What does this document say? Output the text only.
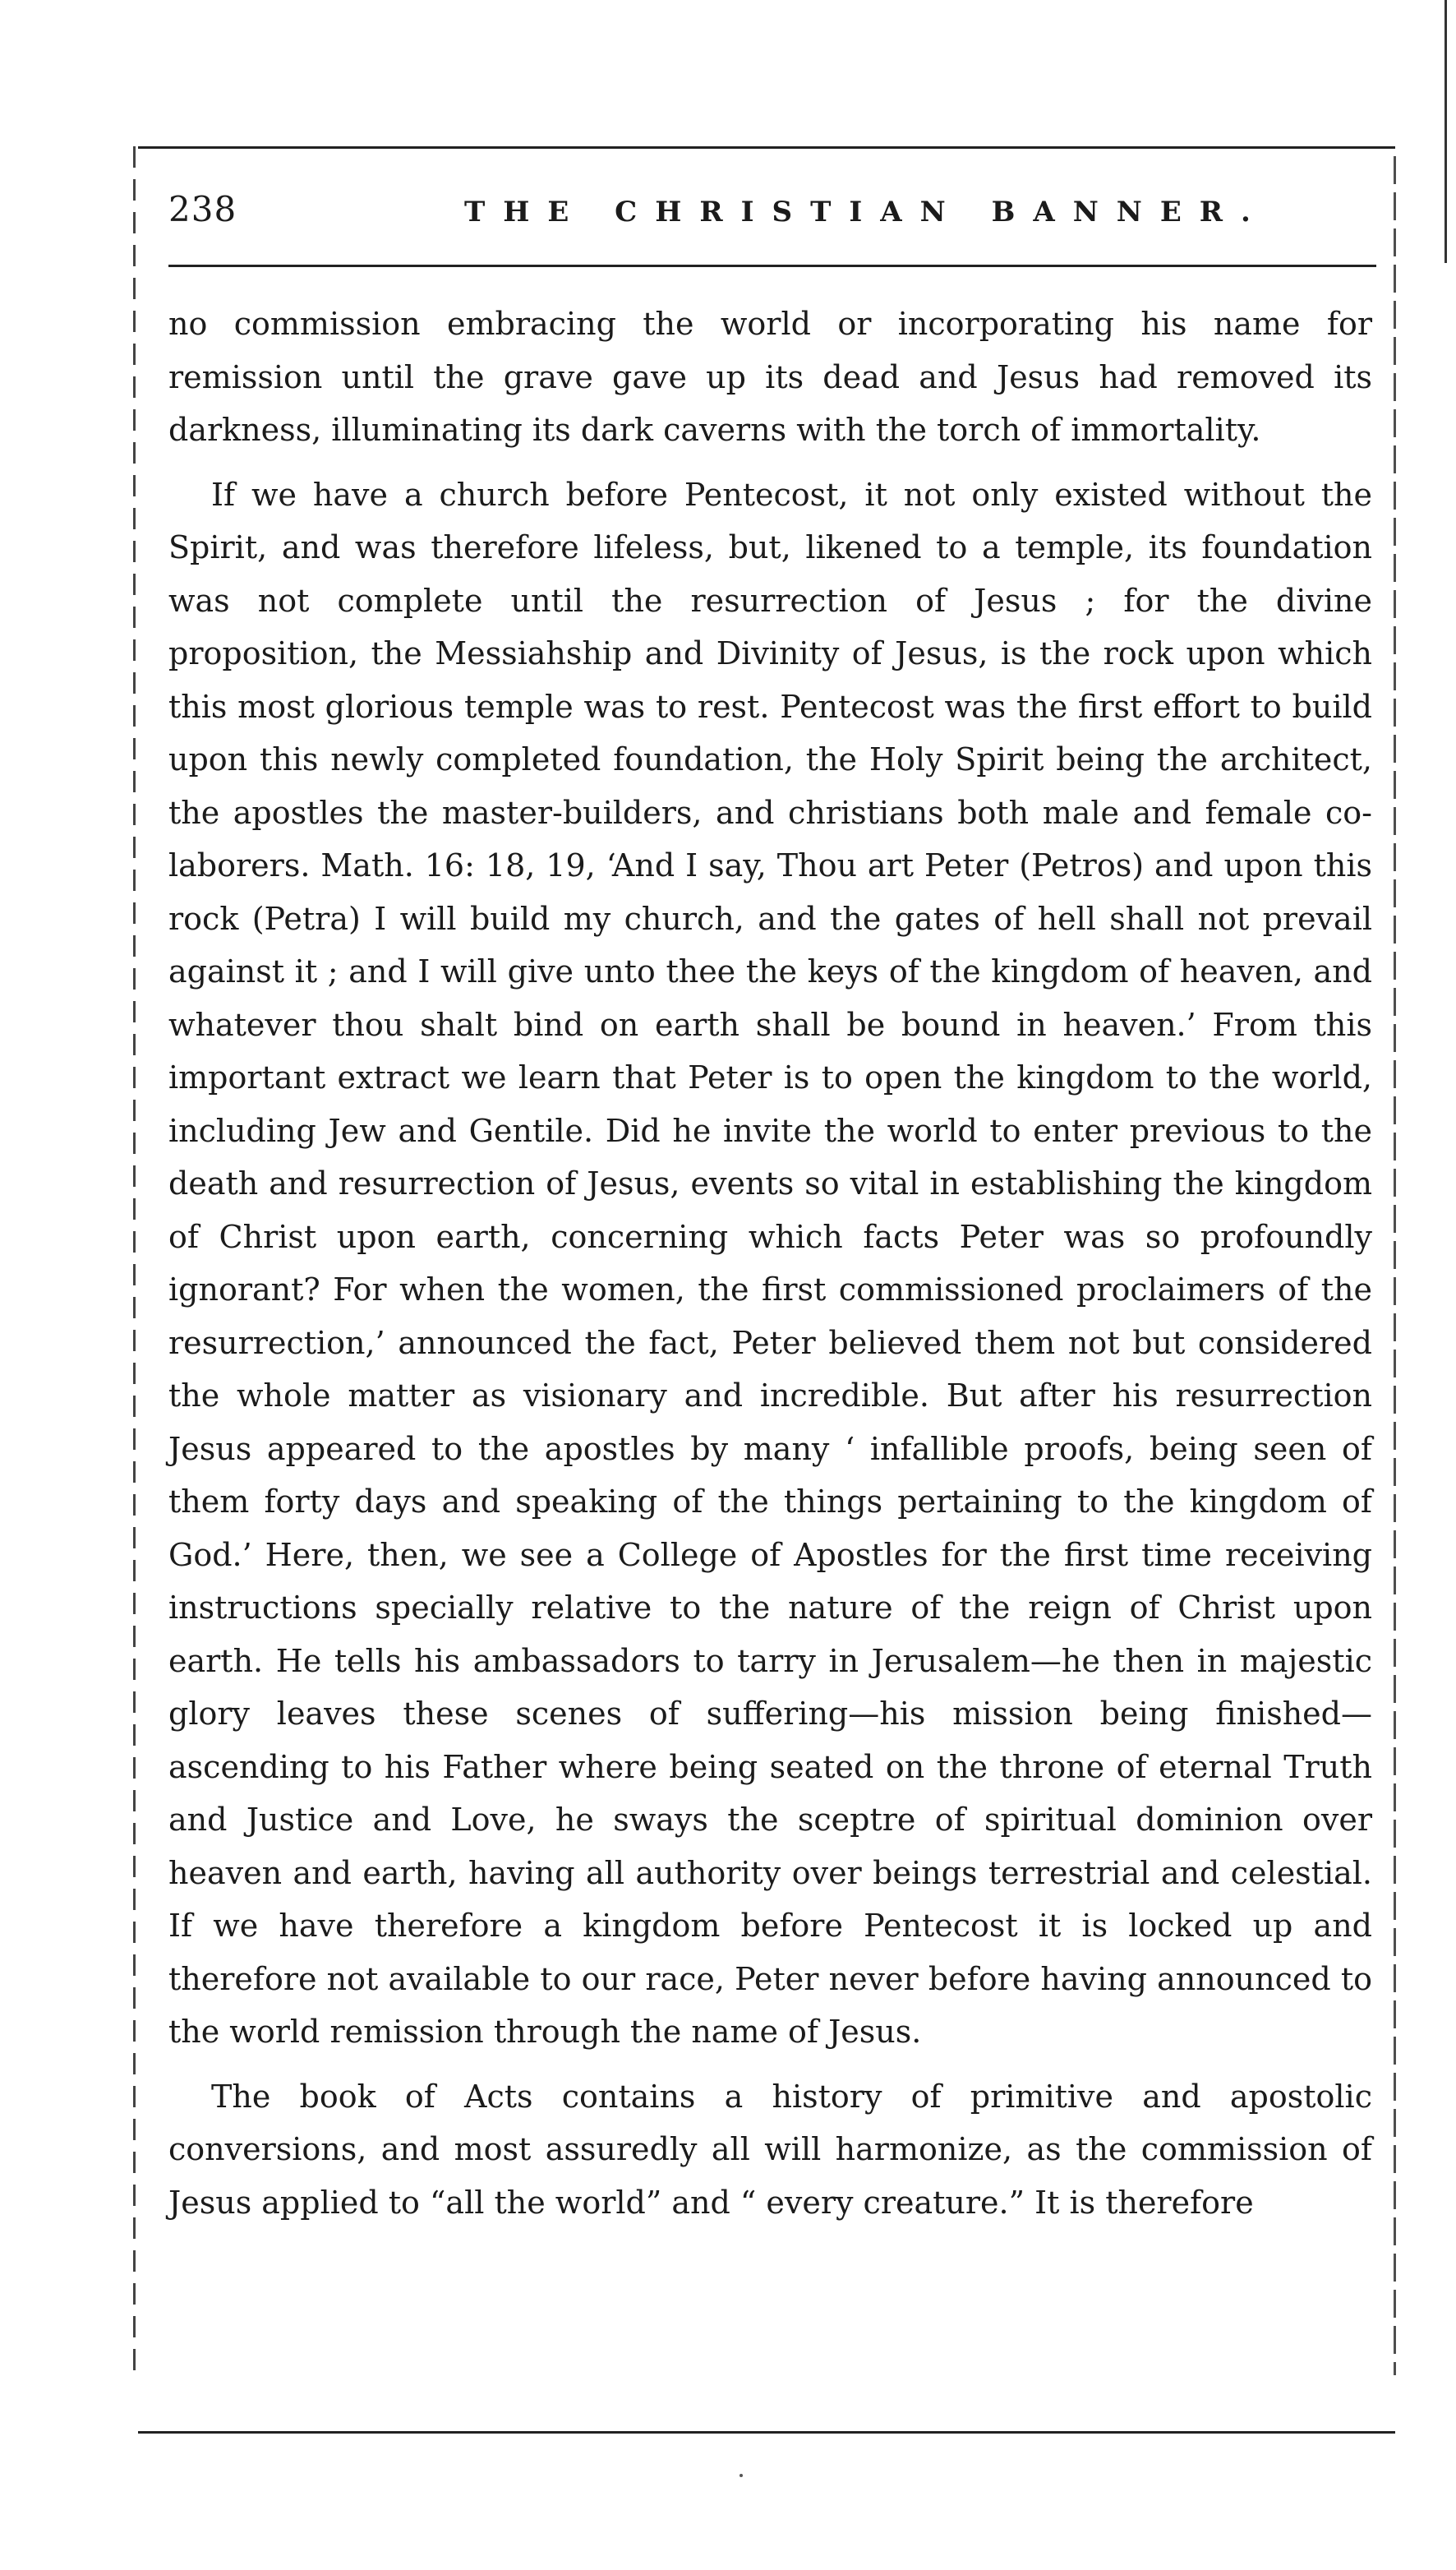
238	THE CHRISTIAN BANNER.

no commission embracing the world or incorporating his name for remission until the grave gave up its dead and Jesus had removed its darkness, illuminating its dark caverns with the torch of immortality.

If we have a church before Pentecost, it not only existed without the Spirit, and was therefore lifeless, but, likened to a temple, its foundation was not complete until the resurrection of Jesus ; for the divine proposition, the Messiahship and Divinity of Jesus, is the rock upon which this most glorious temple was to rest. Pentecost was the first effort to build upon this newly completed foundation, the Holy Spirit being the architect, the apostles the master-builders, and christians both male and female co-laborers. Math. 16: 18, 19, ‘And I say, Thou art Peter (Petros) and upon this rock (Petra) I will build my church, and the gates of hell shall not prevail against it ; and I will give unto thee the keys of the kingdom of heaven, and whatever thou shalt bind on earth shall be bound in heaven.’ From this important extract we learn that Peter is to open the kingdom to the world, including Jew and Gentile. Did he invite the world to enter previous to the death and resurrection of Jesus, events so vital in establishing the kingdom of Christ upon earth, concerning which facts Peter was so profoundly ignorant? For when the women, the first commissioned proclaimers of the resurrection,’ announced the fact, Peter believed them not but considered the whole matter as visionary and incredible. But after his resurrection Jesus appeared to the apostles by many ‘ infallible proofs, being seen of them forty days and speaking of the things pertaining to the kingdom of God.’ Here, then, we see a College of Apostles for the first time receiving instructions specially relative to the nature of the reign of Christ upon earth. He tells his ambassadors to tarry in Jerusalem—he then in majestic glory leaves these scenes of suffering—his mission being finished—ascending to his Father where being seated on the throne of eternal Truth and Justice and Love, he sways the sceptre of spiritual dominion over heaven and earth, having all authority over beings terrestrial and celestial. If we have therefore a kingdom before Pentecost it is locked up and therefore not available to our race, Peter never before having announced to the world remission through the name of Jesus.

The book of Acts contains a history of primitive and apostolic conversions, and most assuredly all will harmonize, as the commission of Jesus applied to “all the world” and “ every creature.” It is therefore
